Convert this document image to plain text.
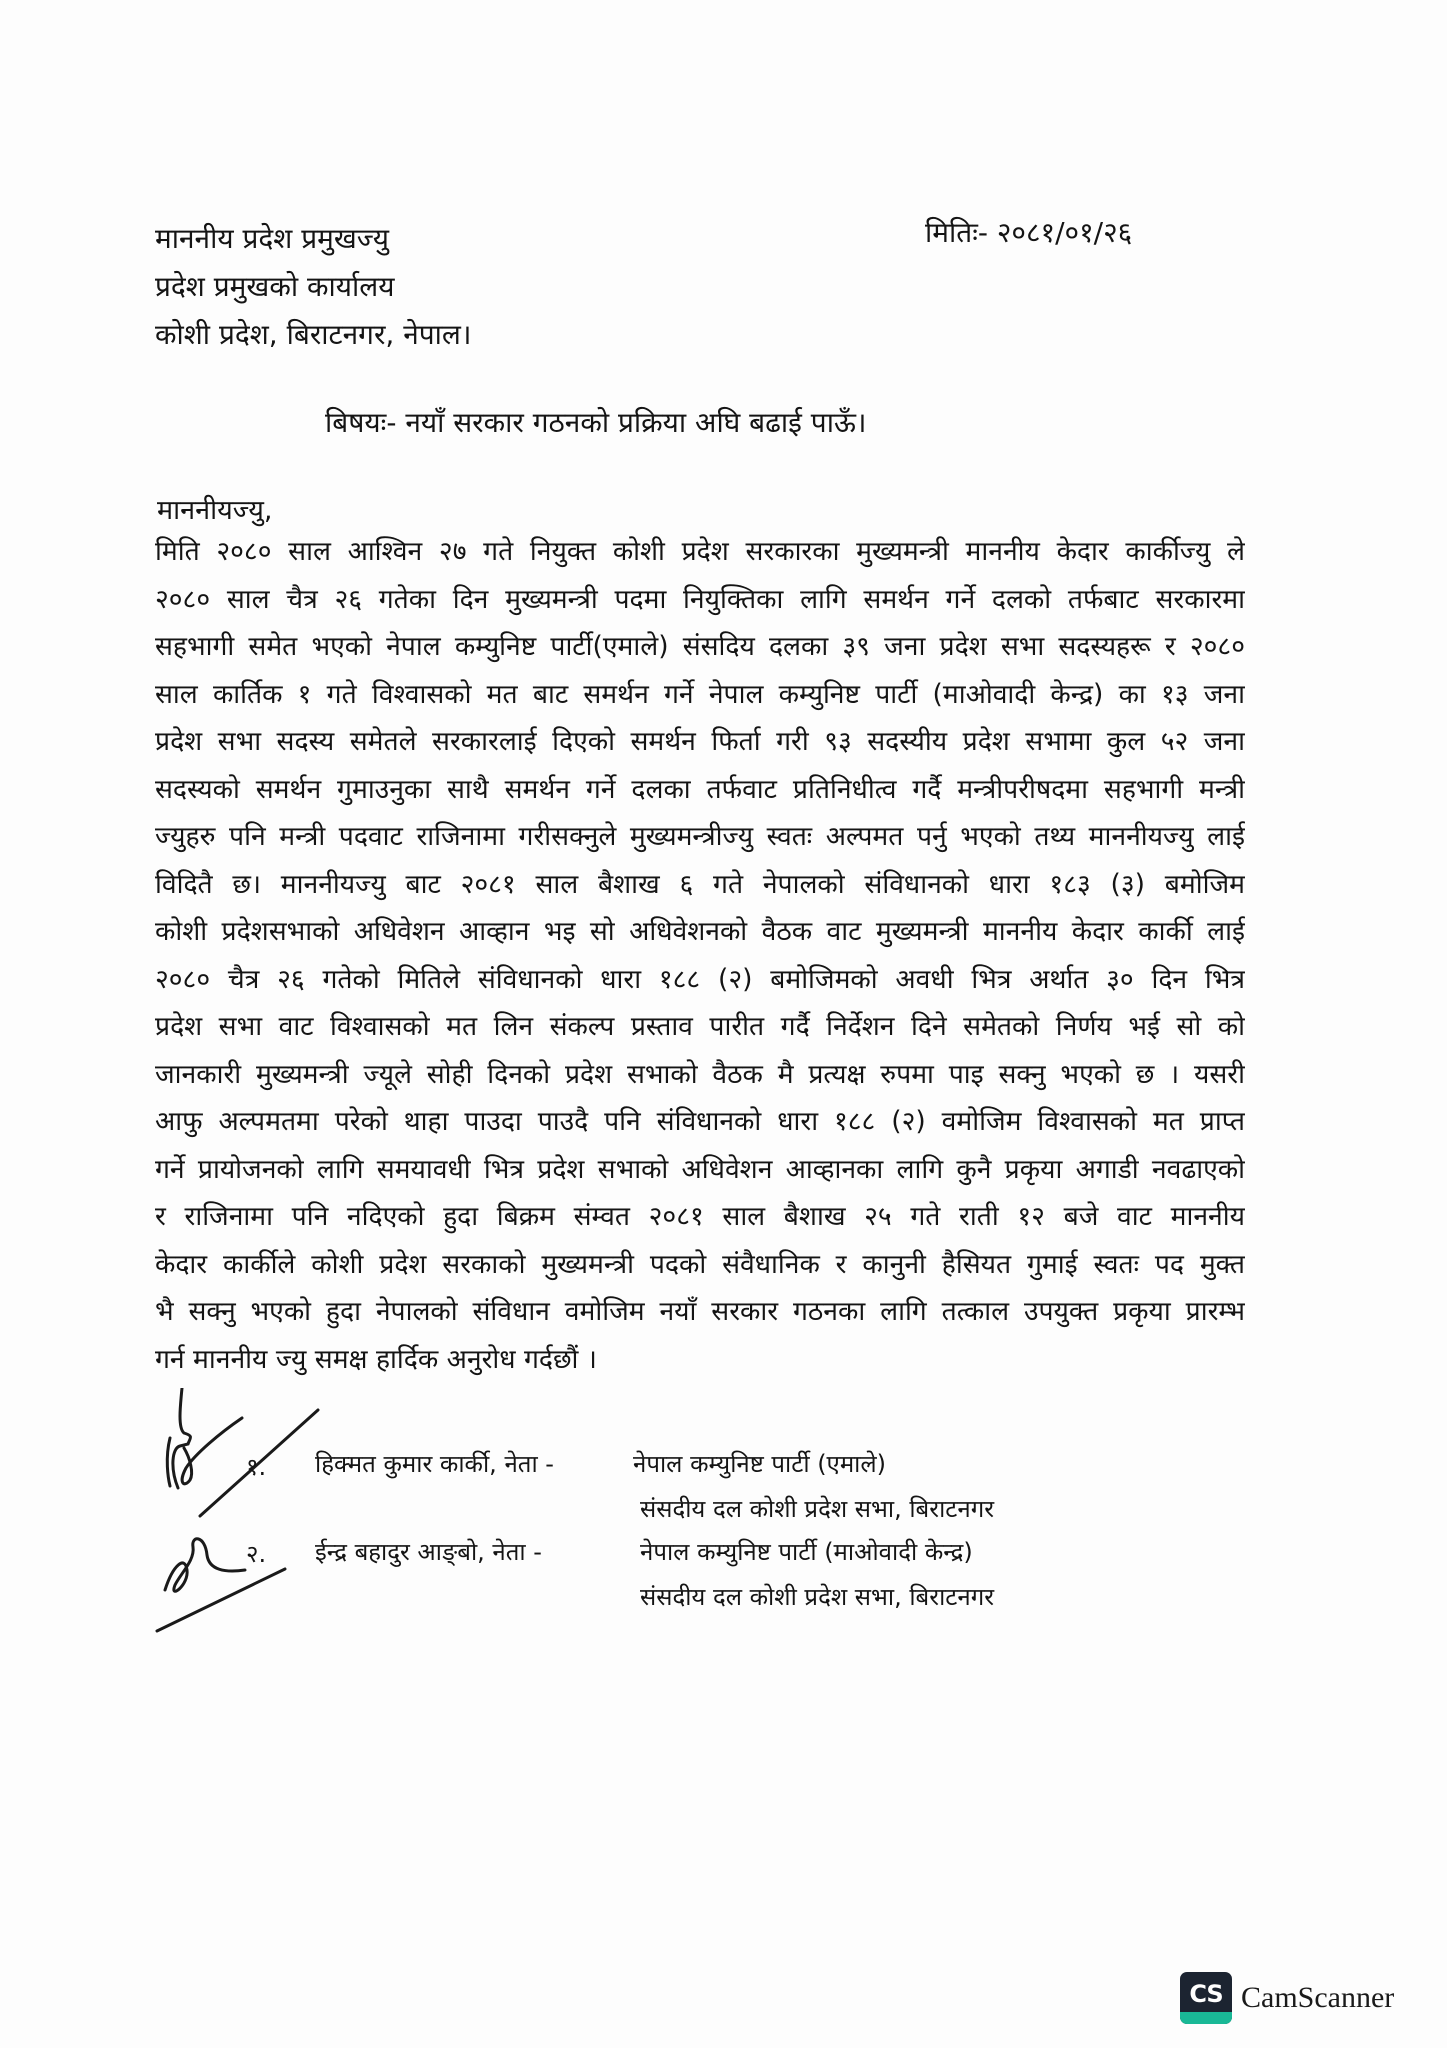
माननीय प्रदेश प्रमुखज्यु
प्रदेश प्रमुखको कार्यालय
कोशी प्रदेश, बिराटनगर, नेपाल।
मितिः- २०८१/०१/२६
बिषयः- नयाँ सरकार गठनको प्रक्रिया अघि बढाई पाऊँ।
माननीयज्यु,
मिति २०८० साल आश्विन २७ गते नियुक्त कोशी प्रदेश सरकारका मुख्यमन्त्री माननीय केदार कार्कीज्यु ले
२०८० साल चैत्र २६ गतेका दिन मुख्यमन्त्री पदमा नियुक्तिका लागि समर्थन गर्ने दलको तर्फबाट सरकारमा
सहभागी समेत भएको नेपाल कम्युनिष्ट पार्टी(एमाले) संसदिय दलका ३९ जना प्रदेश सभा सदस्यहरू र २०८०
साल कार्तिक १ गते विश्वासको मत बाट समर्थन गर्ने नेपाल कम्युनिष्ट पार्टी (माओवादी केन्द्र) का १३ जना
प्रदेश सभा सदस्य समेतले सरकारलाई दिएको समर्थन फिर्ता गरी ९३ सदस्यीय प्रदेश सभामा कुल ५२ जना
सदस्यको समर्थन गुमाउनुका साथै समर्थन गर्ने दलका तर्फवाट प्रतिनिधीत्व गर्दै मन्त्रीपरीषदमा सहभागी मन्त्री
ज्युहरु पनि मन्त्री पदवाट राजिनामा गरीसक्नुले मुख्यमन्त्रीज्यु स्वतः अल्पमत पर्नु भएको तथ्य माननीयज्यु लाई
विदितै छ। माननीयज्यु बाट २०८१ साल बैशाख ६ गते नेपालको संविधानको धारा १८३ (३) बमोजिम
कोशी प्रदेशसभाको अधिवेशन आव्हान भइ सो अधिवेशनको वैठक वाट मुख्यमन्त्री माननीय केदार कार्की लाई
२०८० चैत्र २६ गतेको मितिले संविधानको धारा १८८ (२) बमोजिमको अवधी भित्र अर्थात ३० दिन भित्र
प्रदेश सभा वाट विश्वासको मत लिन संकल्प प्रस्ताव पारीत गर्दै निर्देशन दिने समेतको निर्णय भई सो को
जानकारी मुख्यमन्त्री ज्यूले सोही दिनको प्रदेश सभाको वैठक मै प्रत्यक्ष रुपमा पाइ सक्नु भएको छ । यसरी
आफु अल्पमतमा परेको थाहा पाउदा पाउदै पनि संविधानको धारा १८८ (२) वमोजिम विश्वासको मत प्राप्त
गर्ने प्रायोजनको लागि समयावधी भित्र प्रदेश सभाको अधिवेशन आव्हानका लागि कुनै प्रकृया अगाडी नवढाएको
र राजिनामा पनि नदिएको हुदा बिक्रम संम्वत २०८१ साल बैशाख २५ गते राती १२ बजे वाट माननीय
केदार कार्कीले कोशी प्रदेश सरकाको मुख्यमन्त्री पदको संवैधानिक र कानुनी हैसियत गुमाई स्वतः पद मुक्त
भै सक्नु भएको हुदा नेपालको संविधान वमोजिम नयाँ सरकार गठनका लागि तत्काल उपयुक्त प्रकृया प्रारम्भ
गर्न माननीय ज्यु समक्ष हार्दिक अनुरोध गर्दछौं ।
१. हिक्मत कुमार कार्की, नेता -	नेपाल कम्युनिष्ट पार्टी (एमाले)
संसदीय दल कोशी प्रदेश सभा, बिराटनगर
२. ईन्द्र बहादुर आङ्बो, नेता -	नेपाल कम्युनिष्ट पार्टी (माओवादी केन्द्र)
संसदीय दल कोशी प्रदेश सभा, बिराटनगर
CS CamScanner
